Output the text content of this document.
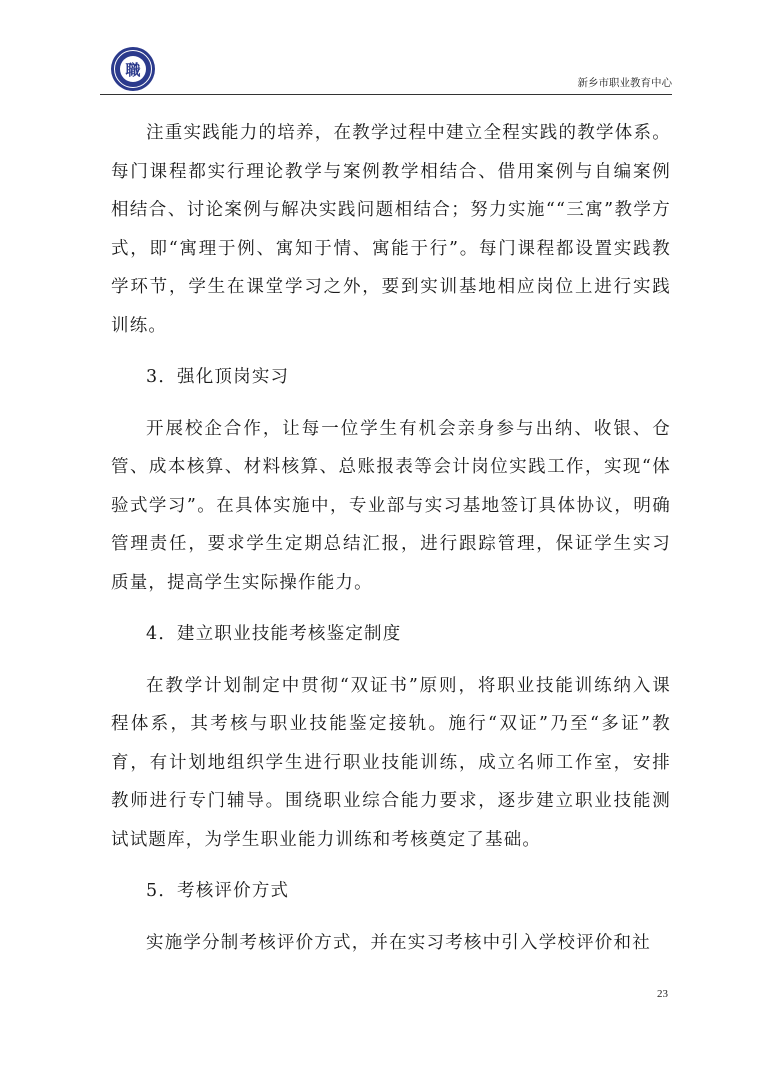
職
新乡市职业教育中心

注重实践能力的培养，在教学过程中建立全程实践的教学体系。每门课程都实行理论教学与案例教学相结合、借用案例与自编案例相结合、讨论案例与解决实践问题相结合；努力实施““三寓”教学方式，即“寓理于例、寓知于情、寓能于行”。每门课程都设置实践教学环节，学生在课堂学习之外，要到实训基地相应岗位上进行实践训练。

3．强化顶岗实习

开展校企合作，让每一位学生有机会亲身参与出纳、收银、仓管、成本核算、材料核算、总账报表等会计岗位实践工作，实现“体验式学习”。在具体实施中，专业部与实习基地签订具体协议，明确管理责任，要求学生定期总结汇报，进行跟踪管理，保证学生实习质量，提高学生实际操作能力。

4．建立职业技能考核鉴定制度

在教学计划制定中贯彻“双证书”原则，将职业技能训练纳入课程体系，其考核与职业技能鉴定接轨。施行“双证”乃至“多证”教育，有计划地组织学生进行职业技能训练，成立名师工作室，安排教师进行专门辅导。围绕职业综合能力要求，逐步建立职业技能测试试题库，为学生职业能力训练和考核奠定了基础。

5．考核评价方式

实施学分制考核评价方式，并在实习考核中引入学校评价和社

23
